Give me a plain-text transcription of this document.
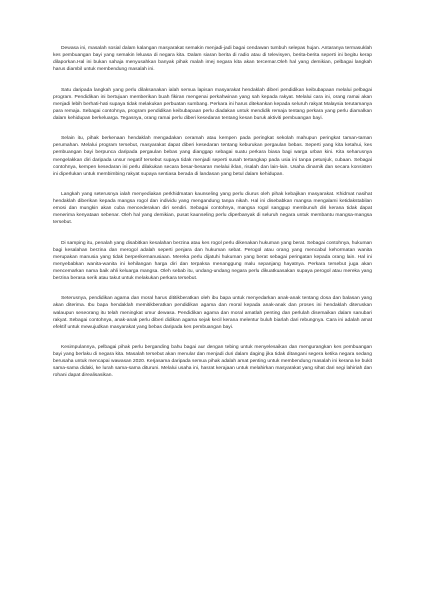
Dewasa ini, masalah sosial dalam kalangan masyarakat semakin menjadi-jadi bagai cendawan tumbuh selepas hujan. Antaranya termasuklah kes pembuangan bayi yang semakin leluasa di negara kita. Dalam siaran berita di radio atau di televisyen, berita-berita seperti ini begitu kerap dilaporkan.Hal ini bukan sahaja menyusahkan banyak pihak malah imej negara kita akan tercemar.Oleh hal yang demikian, pelbagai langkah harus diambil untuk membendung masalah ini.

Satu daripada langkah yang perlu dilaksanakan ialah semua lapisan masyarakat hendaklah diberi pendidikan keibubapaan melalui pelbagai program. Pendidikan ini bertujuan memberikan buah fikiran mengenai perkahwinan yang sah kepada rakyat. Melalui cara ini, orang ramai akan menjadi lebih berhati-hati supaya tidak melakukan perbuatan sumbang. Perkara ini harus ditekankan kepada seluruh rakyat Malaysia terutamanya para remaja. Sebagai contohnya, program pendidikan keibubapaan perlu diadakan untuk mendidik remaja tentang perkara yang perlu diamalkan dalam kehidupan berkeluarga. Tegasnya, orang ramai perlu diberi kesedaran tentang kesan buruk aktiviti pembuangan bayi.

Selain itu, pihak berkenaan hendaklah mengadakan ceramah atau kempen pada peringkat sekolah mahupun peringkat taman-taman perumahan. Melalui program tersebut, masyarakat dapat diberi kesedaran tentang keburukan pergaulan bebas. Seperti yang kita ketahui, kes pembuangan bayi berpunca daripada pergaulan bebas yang dianggap sebagai suatu perkara biasa bagi warga urban kini. Kita seharusnya mengelakkan diri daripada unsur negatif tersebut supaya tidak menjadi seperti susah tertangkap pada usia ini tanpa petunjuk, cubaan. Sebagai contohnya, kempen kesedaran ini perlu dilakukan secara besar-besaran melalui iklan, risalah dan lain-lain. Usaha dinamik dan secara konsisten ini diperlukan untuk membimbing rakyat supaya sentiasa berada di landasan yang betul dalam kehidupan.

Langkah yang seterusnya ialah menyediakan perkhidmatan kaunseling yang perlu diurus oleh pihak kebajikan masyarakat. Khidmat nasihat hendaklah diberikan kepada mangsa rogol dan individu yang mengandung tanpa nikah. Hal ini disebabkan mangsa mengalami ketidakstabilan emosi dan mungkin akan cuba mencederakan diri sendiri. Sebagai contohnya, mangsa rogol sanggup membunuh diri kerana tidak dapat menerima kenyataan sebenar. Oleh hal yang demikian, pusat kaunseling perlu diperbanyak di seluruh negara untuk membantu mangsa-mangsa tersebut.

Di samping itu, penalah yang disabitkan kesalahan berzina atau kes rogol perlu dikenakan hukuman yang berat. Sebagai contohnya, hukuman bagi kesalahan berzina dan merogol adalah seperti penjara dan hukuman sebat. Perogol atau orang yang mencabul kehormatan wanita merupakan manusia yang tidak berperikemanusiaan. Mereka perlu dijatuhi hukuman yang berat sebagai peringatan kepada orang lain. Hal ini menyebabkan wanita-wanita ini kehilangan harga diri dan terpaksa menanggung malu sepanjang hayatnya. Perkara tersebut juga akan mencemarkan nama baik ahli keluarga mangsa. Oleh sebab itu, undang-undang negara perlu dikuatkuasakan supaya perogol atau mereka yang berzina berasa serik atau takut untuk melakukan perkara tersebut.

Seterusnya, pendidikan agama dan moral harus dititikberatkan oleh ibu bapa untuk menyedarkan anak-anak tentang dosa dan balasan yang akan diterima. Ibu bapa hendaklah memitikberatkan pendidikan agama dan moral kepada anak-anak dan proses ini hendaklah diteruskan walaupun seseorang itu telah meningkat umur dewasa. Pendidikan agama dan moral amatlah penting dan perlulah disemaikan dalam sanubari rakyat. Sebagai contohnya, anak-anak perlu diberi didikan agama sejak kecil kerana melentur buluh biarlah dari rebungnya. Cara ini adalah amat efektif untuk mewujudkan masyarakat yang bebas daripada kes pembuangan bayi.

Kesimpulannya, pelbagai pihak perlu berganding bahu bagai aur dengan tebing untuk menyelesaikan dan mengurangkan kes pembuangan bayi yang berlaku di negara kita. Masalah tersebut akan menular dan menjadi duri dalam daging jika tidak ditangani segera ketika negara sedang berusaha untuk mencapai wawasan 2020. Kerjasama daripada semua pihak adalah amat penting untuk membendung masalah ini kerana ke bukit sama-sama didaki, ke lurah sama-sama dituruni. Melalui usaha ini, hasrat kerajaan untuk melahirkan masyarakat yang sihat dari segi lahiriah dan rohani dapat direalisasikan.
